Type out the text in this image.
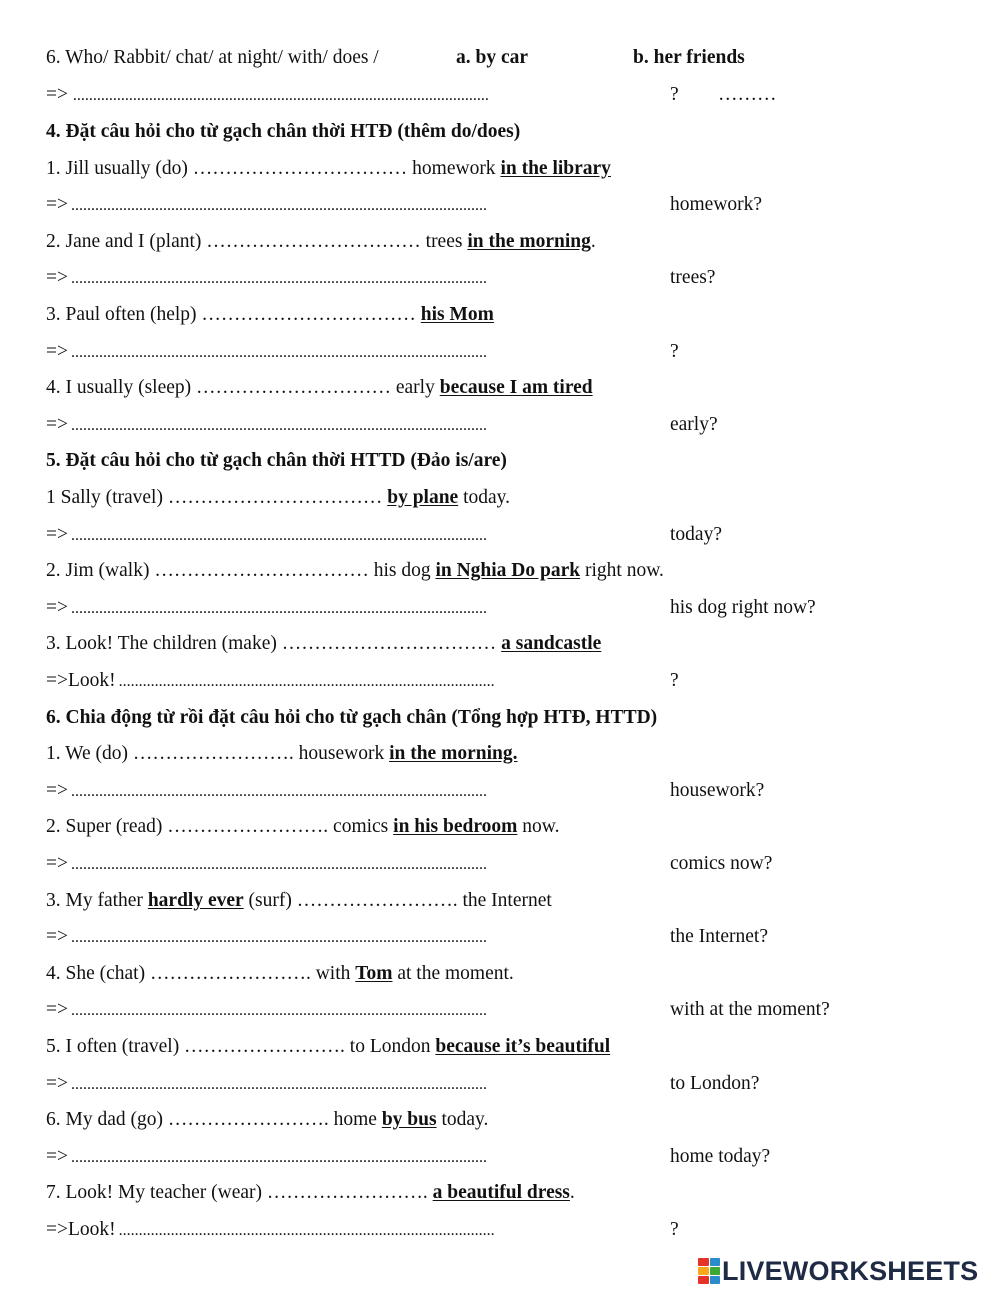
6. Who/ Rabbit/ chat/ at night/ with/ does /	a. by car	b. her friends
=> ........................................................................................................	? ………
4. Đặt câu hỏi cho từ gạch chân thời HTĐ (thêm do/does)
1. Jill usually (do) …………………………… homework in the library
=> ........................................................................................................	homework?
2. Jane and I (plant) …………………………… trees in the morning.
=> ........................................................................................................	trees?
3. Paul often (help) …………………………… his Mom
=> ........................................................................................................	?
4. I usually (sleep) ………………………… early because I am tired
=> ........................................................................................................	early?
5. Đặt câu hỏi cho từ gạch chân thời HTTD (Đảo is/are)
1 Sally (travel) …………………………… by plane today.
=> ........................................................................................................	today?
2. Jim (walk) …………………………… his dog in Nghia Do park right now.
=> ........................................................................................................	his dog right now?
3. Look! The children (make) …………………………… a sandcastle
=>Look! ..............................................................................................	?
6. Chia động từ rồi đặt câu hỏi cho từ gạch chân (Tổng hợp HTĐ, HTTD)
1. We (do) ……………………. housework in the morning.
=> ........................................................................................................	housework?
2. Super (read) ……………………. comics in his bedroom now.
=> ........................................................................................................	comics now?
3. My father hardly ever (surf) ……………………. the Internet
=> ........................................................................................................	the Internet?
4. She (chat) ……………………. with Tom at the moment.
=> ........................................................................................................	with at the moment?
5. I often (travel) ……………………. to London because it’s beautiful
=> ........................................................................................................	to London?
6. My dad (go) ……………………. home by bus today.
=> ........................................................................................................	home today?
7. Look! My teacher (wear) ……………………. a beautiful dress.
=>Look! ..............................................................................................	?
LIVEWORKSHEETS
